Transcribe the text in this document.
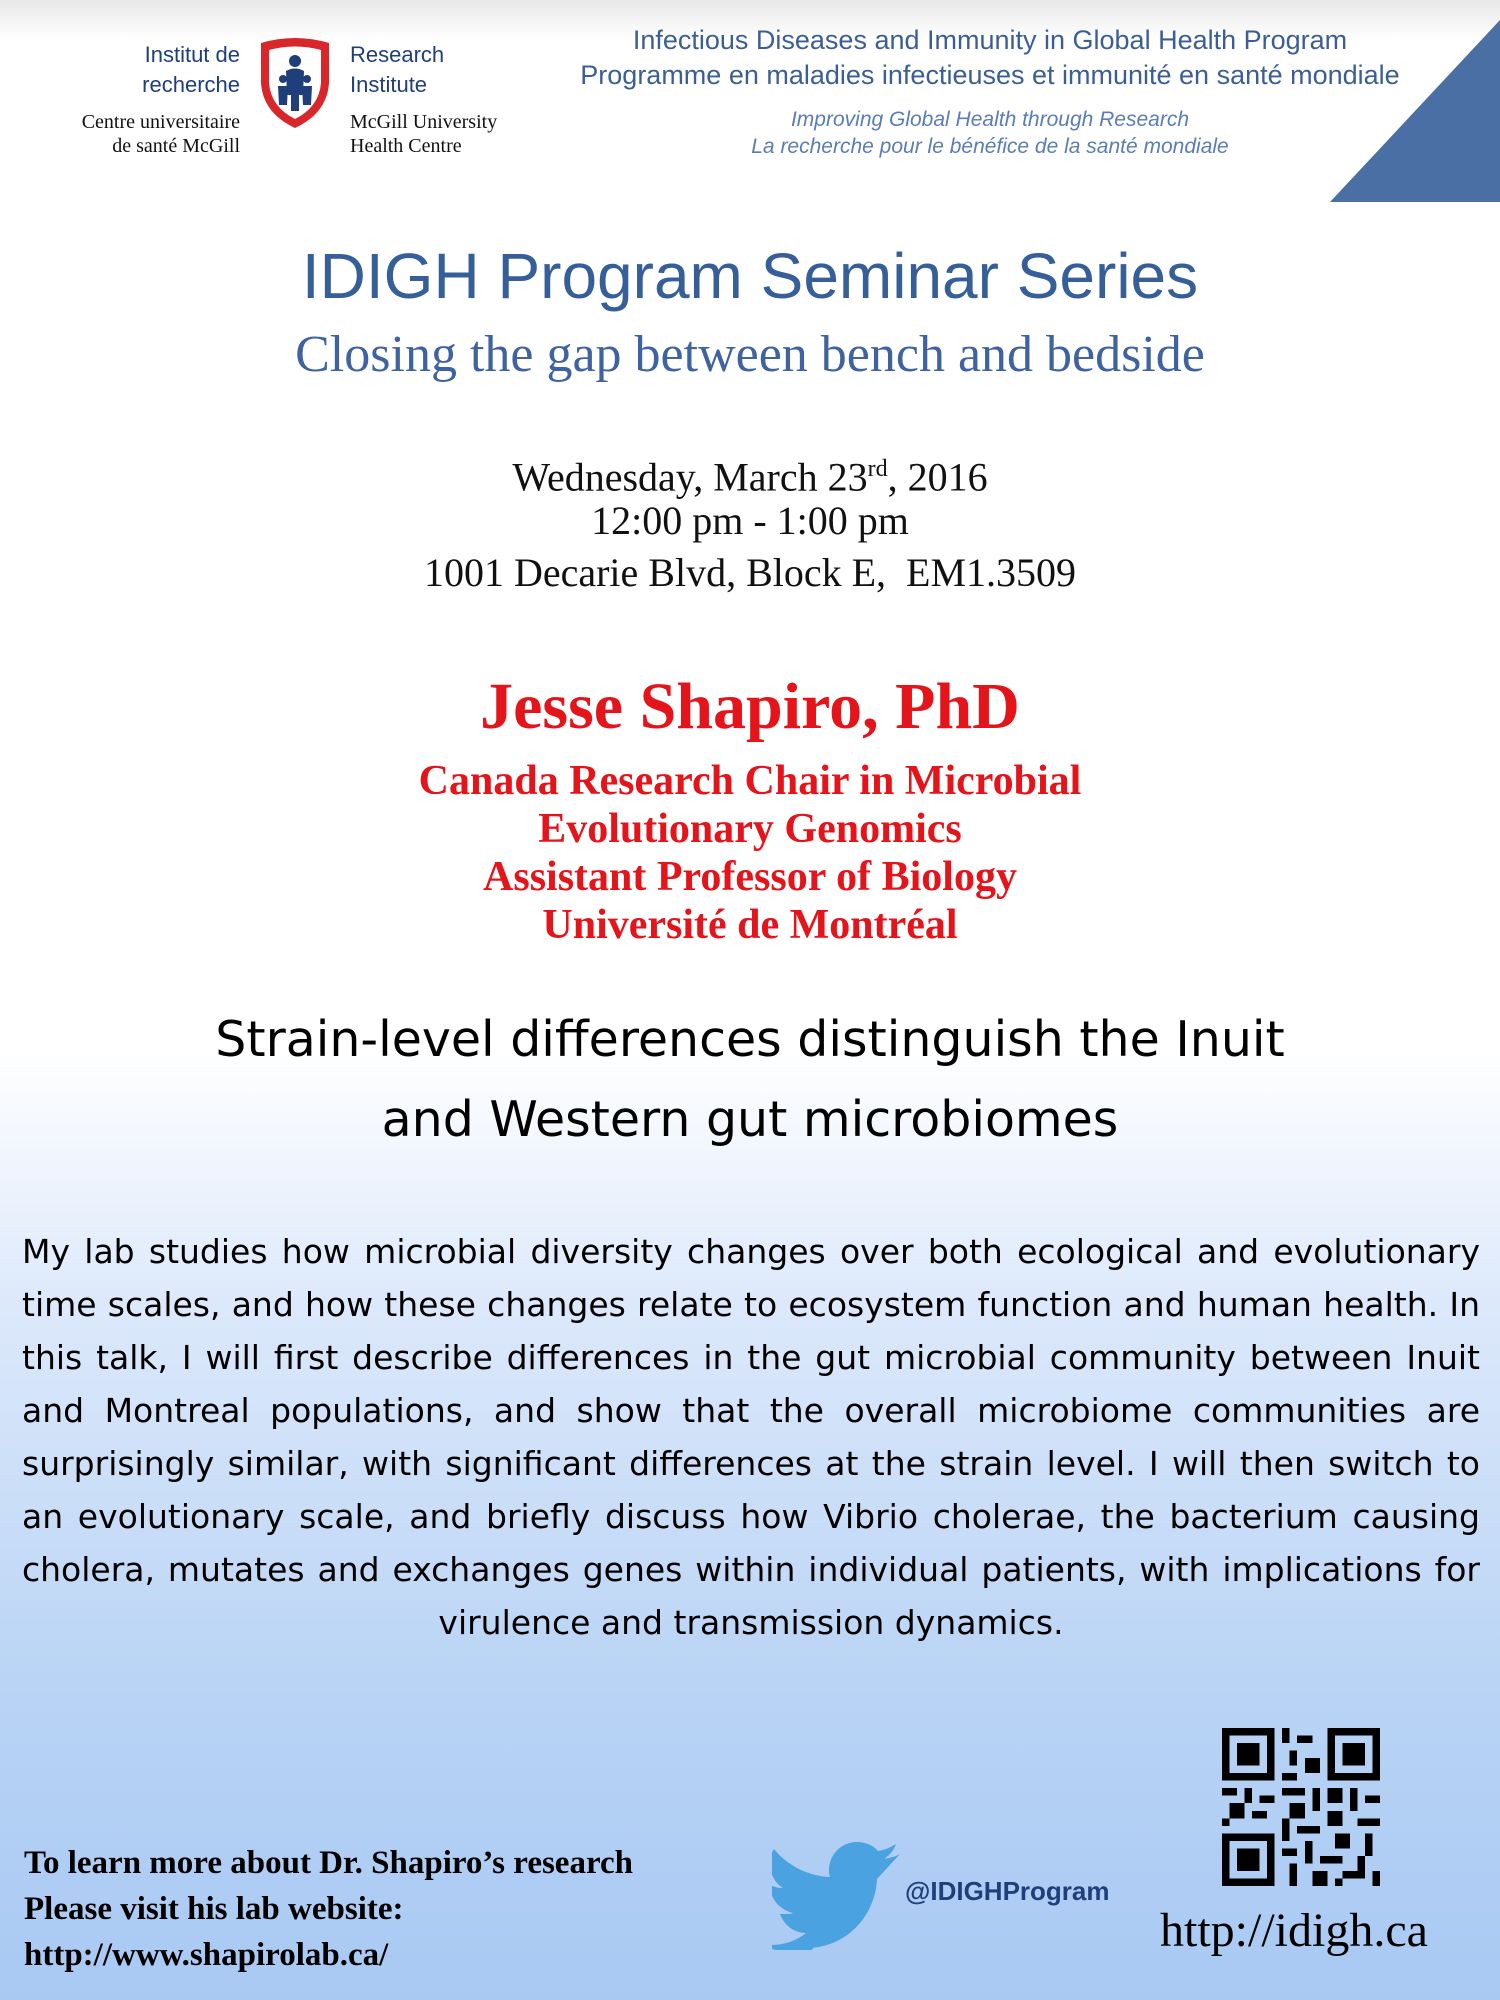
Institut de
recherche
Centre universitaire
de santé McGill
Research
Institute
McGill University
Health Centre
Infectious Diseases and Immunity in Global Health Program
Programme en maladies infectieuses et immunité en santé mondiale
Improving Global Health through Research
La recherche pour le bénéfice de la santé mondiale
IDIGH Program Seminar Series
Closing the gap between bench and bedside
Wednesday, March 23rd, 2016
12:00 pm - 1:00 pm
1001 Decarie Blvd, Block E,  EM1.3509
Jesse Shapiro, PhD
Canada Research Chair in Microbial
Evolutionary Genomics
Assistant Professor of Biology
Université de Montréal
Strain-level differences distinguish the Inuit
and Western gut microbiomes
My lab studies how microbial diversity changes over both ecological and evolutionary time scales, and how these changes relate to ecosystem function and human health. In this talk, I will first describe differences in the gut microbial community between Inuit and Montreal populations, and show that the overall microbiome communities are surprisingly similar, with significant differences at the strain level. I will then switch to an evolutionary scale, and briefly discuss how Vibrio cholerae, the bacterium causing cholera, mutates and exchanges genes within individual patients, with implications for virulence and transmission dynamics.
To learn more about Dr. Shapiro’s research
Please visit his lab website:
http://www.shapirolab.ca/
@IDIGHProgram
http://idigh.ca
